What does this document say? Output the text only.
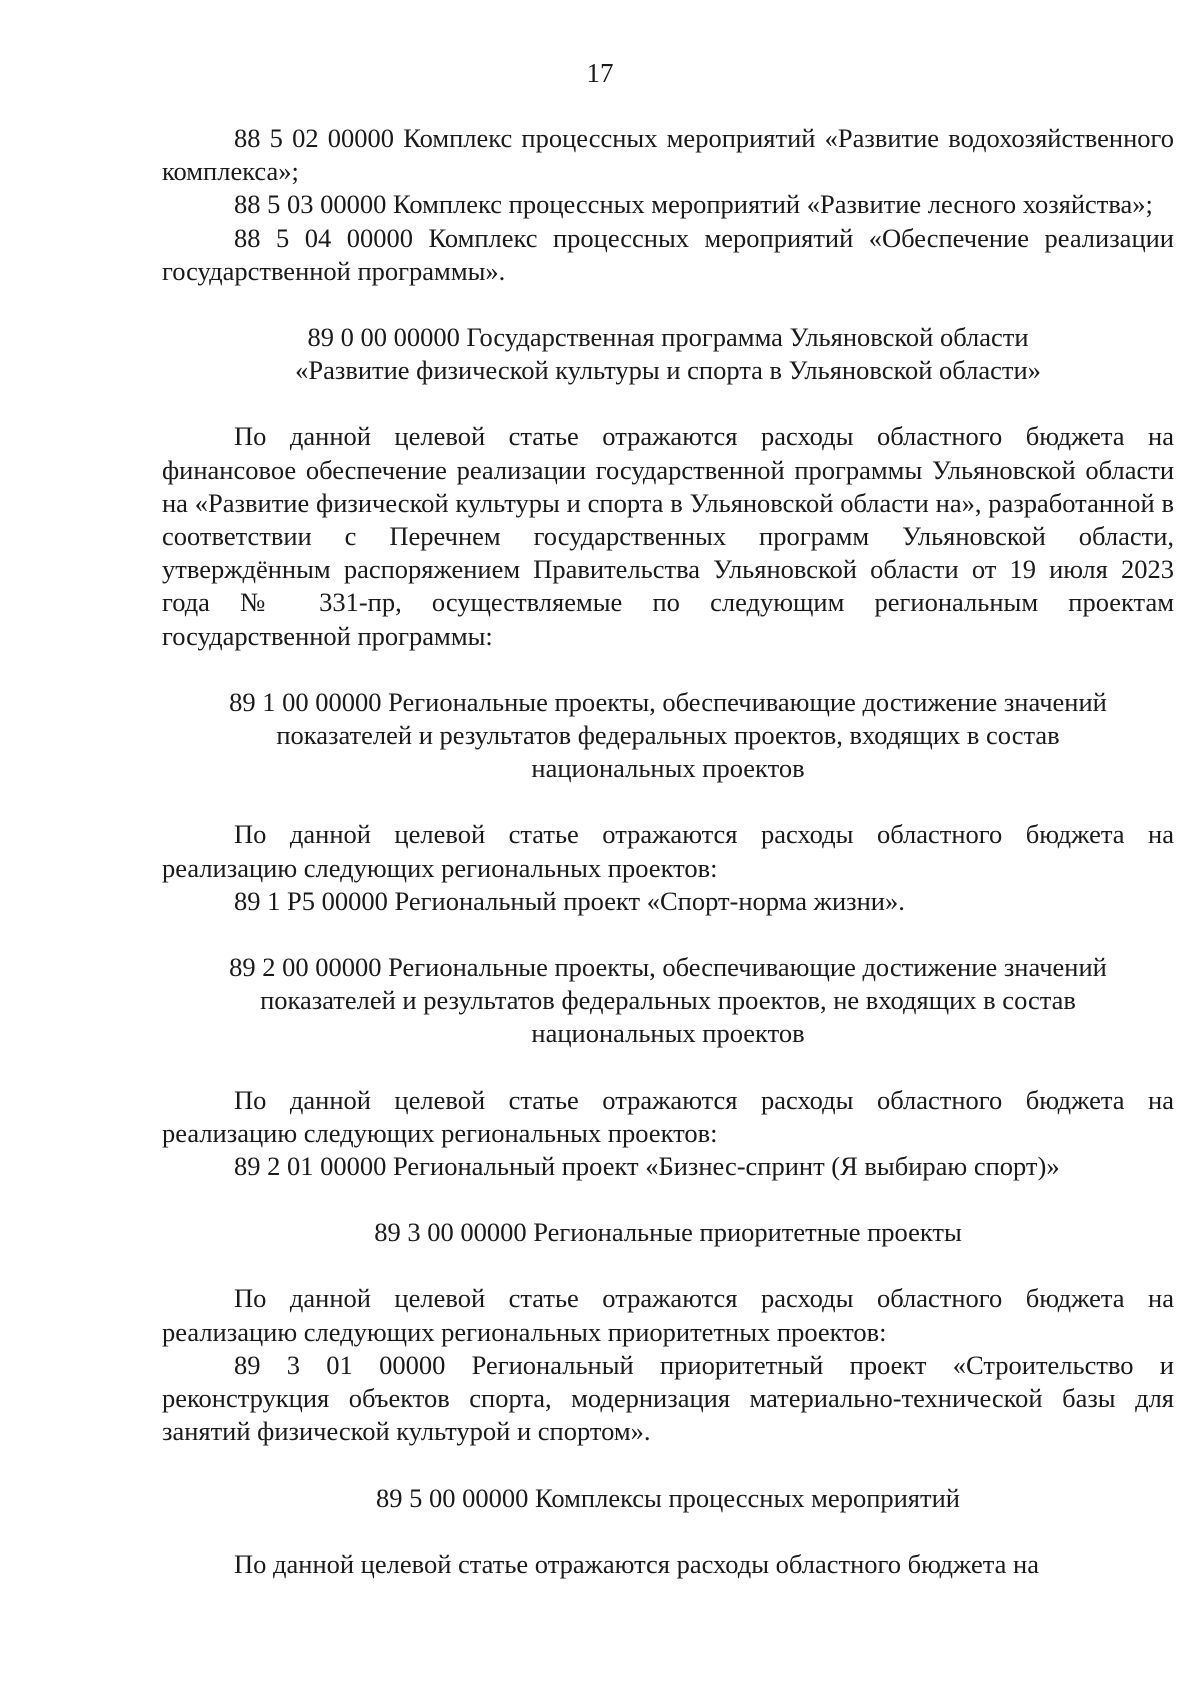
17

88 5 02 00000 Комплекс процессных мероприятий «Развитие водохозяйственного комплекса»;

88 5 03 00000 Комплекс процессных мероприятий «Развитие лесного хозяйства»;

88 5 04 00000 Комплекс процессных мероприятий «Обеспечение реализации государственной программы».

89 0 00 00000 Государственная программа Ульяновской области
«Развитие физической культуры и спорта в Ульяновской области»

По данной целевой статье отражаются расходы областного бюджета на финансовое обеспечение реализации государственной программы Ульяновской области на «Развитие физической культуры и спорта в Ульяновской области на», разработанной в соответствии с Перечнем государственных программ Ульяновской области, утверждённым распоряжением Правительства Ульяновской области от 19 июля 2023 года № 331-пр, осуществляемые по следующим региональным проектам государственной программы:

89 1 00 00000 Региональные проекты, обеспечивающие достижение значений
показателей и результатов федеральных проектов, входящих в состав
национальных проектов

По данной целевой статье отражаются расходы областного бюджета на реализацию следующих региональных проектов:

89 1 Р5 00000 Региональный проект «Спорт-норма жизни».

89 2 00 00000 Региональные проекты, обеспечивающие достижение значений
показателей и результатов федеральных проектов, не входящих в состав
национальных проектов

По данной целевой статье отражаются расходы областного бюджета на реализацию следующих региональных проектов:

89 2 01 00000 Региональный проект «Бизнес-спринт (Я выбираю спорт)»

89 3 00 00000 Региональные приоритетные проекты

По данной целевой статье отражаются расходы областного бюджета на реализацию следующих региональных приоритетных проектов:

89 3 01 00000 Региональный приоритетный проект «Строительство и реконструкция объектов спорта, модернизация материально-технической базы для занятий физической культурой и спортом».

89 5 00 00000 Комплексы процессных мероприятий

По данной целевой статье отражаются расходы областного бюджета на
